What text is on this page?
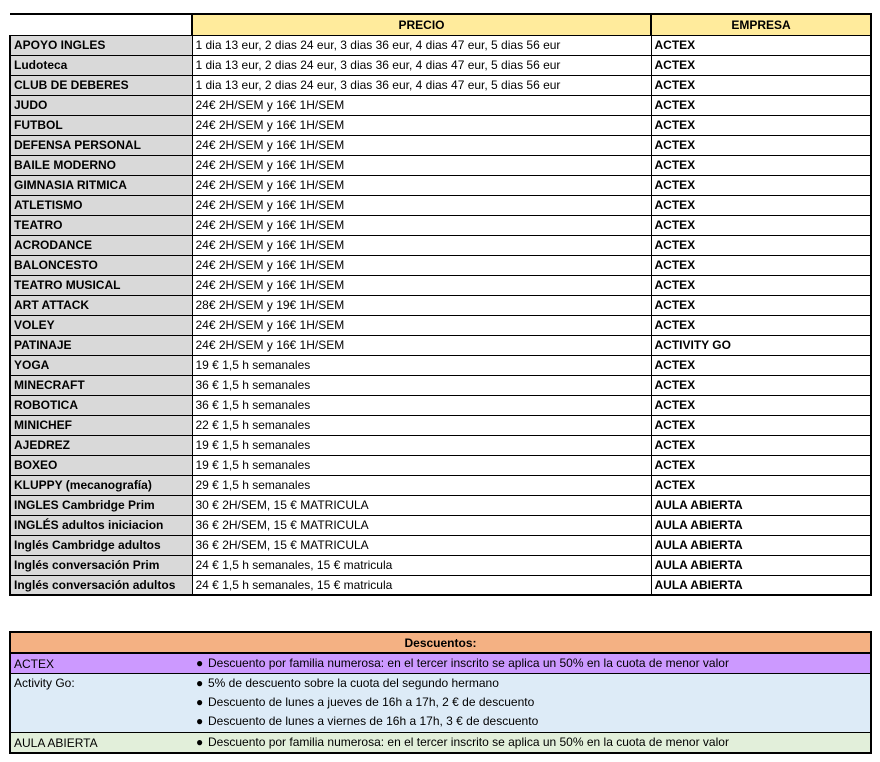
	PRECIO	EMPRESA
APOYO INGLES	1 dia 13 eur, 2 dias 24 eur, 3 dias 36 eur, 4 dias 47 eur, 5 dias 56 eur	ACTEX
Ludoteca	1 dia 13 eur, 2 dias 24 eur, 3 dias 36 eur, 4 dias 47 eur, 5 dias 56 eur	ACTEX
CLUB DE DEBERES	1 dia 13 eur, 2 dias 24 eur, 3 dias 36 eur, 4 dias 47 eur, 5 dias 56 eur	ACTEX
JUDO	24€ 2H/SEM y 16€ 1H/SEM	ACTEX
FUTBOL	24€ 2H/SEM y 16€ 1H/SEM	ACTEX
DEFENSA PERSONAL	24€ 2H/SEM y 16€ 1H/SEM	ACTEX
BAILE MODERNO	24€ 2H/SEM y 16€ 1H/SEM	ACTEX
GIMNASIA RITMICA	24€ 2H/SEM y 16€ 1H/SEM	ACTEX
ATLETISMO	24€ 2H/SEM y 16€ 1H/SEM	ACTEX
TEATRO	24€ 2H/SEM y 16€ 1H/SEM	ACTEX
ACRODANCE	24€ 2H/SEM y 16€ 1H/SEM	ACTEX
BALONCESTO	24€ 2H/SEM y 16€ 1H/SEM	ACTEX
TEATRO MUSICAL	24€ 2H/SEM y 16€ 1H/SEM	ACTEX
ART ATTACK	28€ 2H/SEM y 19€ 1H/SEM	ACTEX
VOLEY	24€ 2H/SEM y 16€ 1H/SEM	ACTEX
PATINAJE	24€ 2H/SEM y 16€ 1H/SEM	ACTIVITY GO
YOGA	19 € 1,5 h semanales	ACTEX
MINECRAFT	36 € 1,5 h semanales	ACTEX
ROBOTICA	36 € 1,5 h semanales	ACTEX
MINICHEF	22 € 1,5 h semanales	ACTEX
AJEDREZ	19 € 1,5 h semanales	ACTEX
BOXEO	19 € 1,5 h semanales	ACTEX
KLUPPY (mecanografía)	29 € 1,5 h semanales	ACTEX
INGLES Cambridge Prim	30 € 2H/SEM, 15 € MATRICULA	AULA ABIERTA
INGLÉS adultos iniciacion	36 € 2H/SEM, 15 € MATRICULA	AULA ABIERTA
Inglés Cambridge adultos	36 € 2H/SEM, 15 € MATRICULA	AULA ABIERTA
Inglés conversación Prim	24 € 1,5 h semanales, 15 € matricula	AULA ABIERTA
Inglés conversación adultos	24 € 1,5 h semanales, 15 € matricula	AULA ABIERTA
Descuentos:	
ACTEX	● Descuento por familia numerosa: en el tercer inscrito se aplica un 50% en la cuota de menor valor

Activity Go:	● 5% de descuento sobre la cuota del segundo hermano
● Descuento de lunes a jueves de 16h a 17h, 2 € de descuento
● Descuento de lunes a viernes de 16h a 17h, 3 € de descuento

AULA ABIERTA	● Descuento por familia numerosa: en el tercer inscrito se aplica un 50% en la cuota de menor valor
